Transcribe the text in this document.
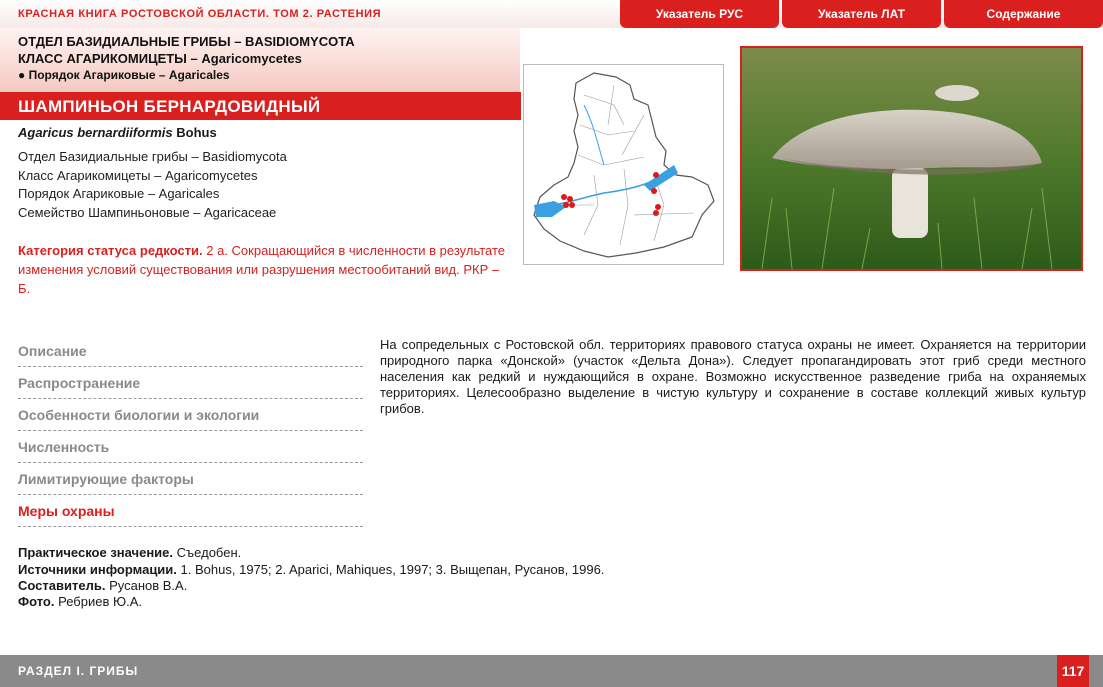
КРАСНАЯ КНИГА РОСТОВСКОЙ ОБЛАСТИ. ТОМ 2. РАСТЕНИЯ	Указатель РУС	Указатель ЛАТ	Содержание
ОТДЕЛ БАЗИДИАЛЬНЫЕ ГРИБЫ – BASIDIOMYCOTA
КЛАСС АГАРИКОМИЦЕТЫ – Agaricomycetes
● Порядок Агариковые – Agaricales
ШАМПИНЬОН БЕРНАРДОВИДНЫЙ
Agaricus bernardiiformis Bohus
Отдел Базидиальные грибы – Basidiomycota
Класс Агарикомицеты – Agaricomycetes
Порядок Агариковые – Agaricales
Семейство Шампиньоновые – Agaricaceae
Категория статуса редкости. 2 а. Сокращающийся в численности в результате изменения условий существования или разрушения местообитаний вид. РКР – Б.
Описание
Распространение
Особенности биологии и экологии
Численность
Лимитирующие факторы
Меры охраны
На сопредельных с Ростовской обл. территориях правового статуса охраны не имеет. Охраняется на территории природного парка «Донской» (участок «Дельта Дона»). Следует пропагандировать этот гриб среди местного населения как редкий и нуждающийся в охране. Возможно искусственное разведение гриба на охраняемых территориях. Целесообразно выделение в чистую культуру и сохранение в составе коллекций живых культур грибов.
Практическое значение. Съедобен.
Источники информации. 1. Bohus, 1975; 2. Aparici, Mahiques, 1997; 3. Выщепан, Русанов, 1996.
Составитель. Русанов В.А.
Фото. Ребриев Ю.А.
РАЗДЕЛ I. ГРИБЫ	117
